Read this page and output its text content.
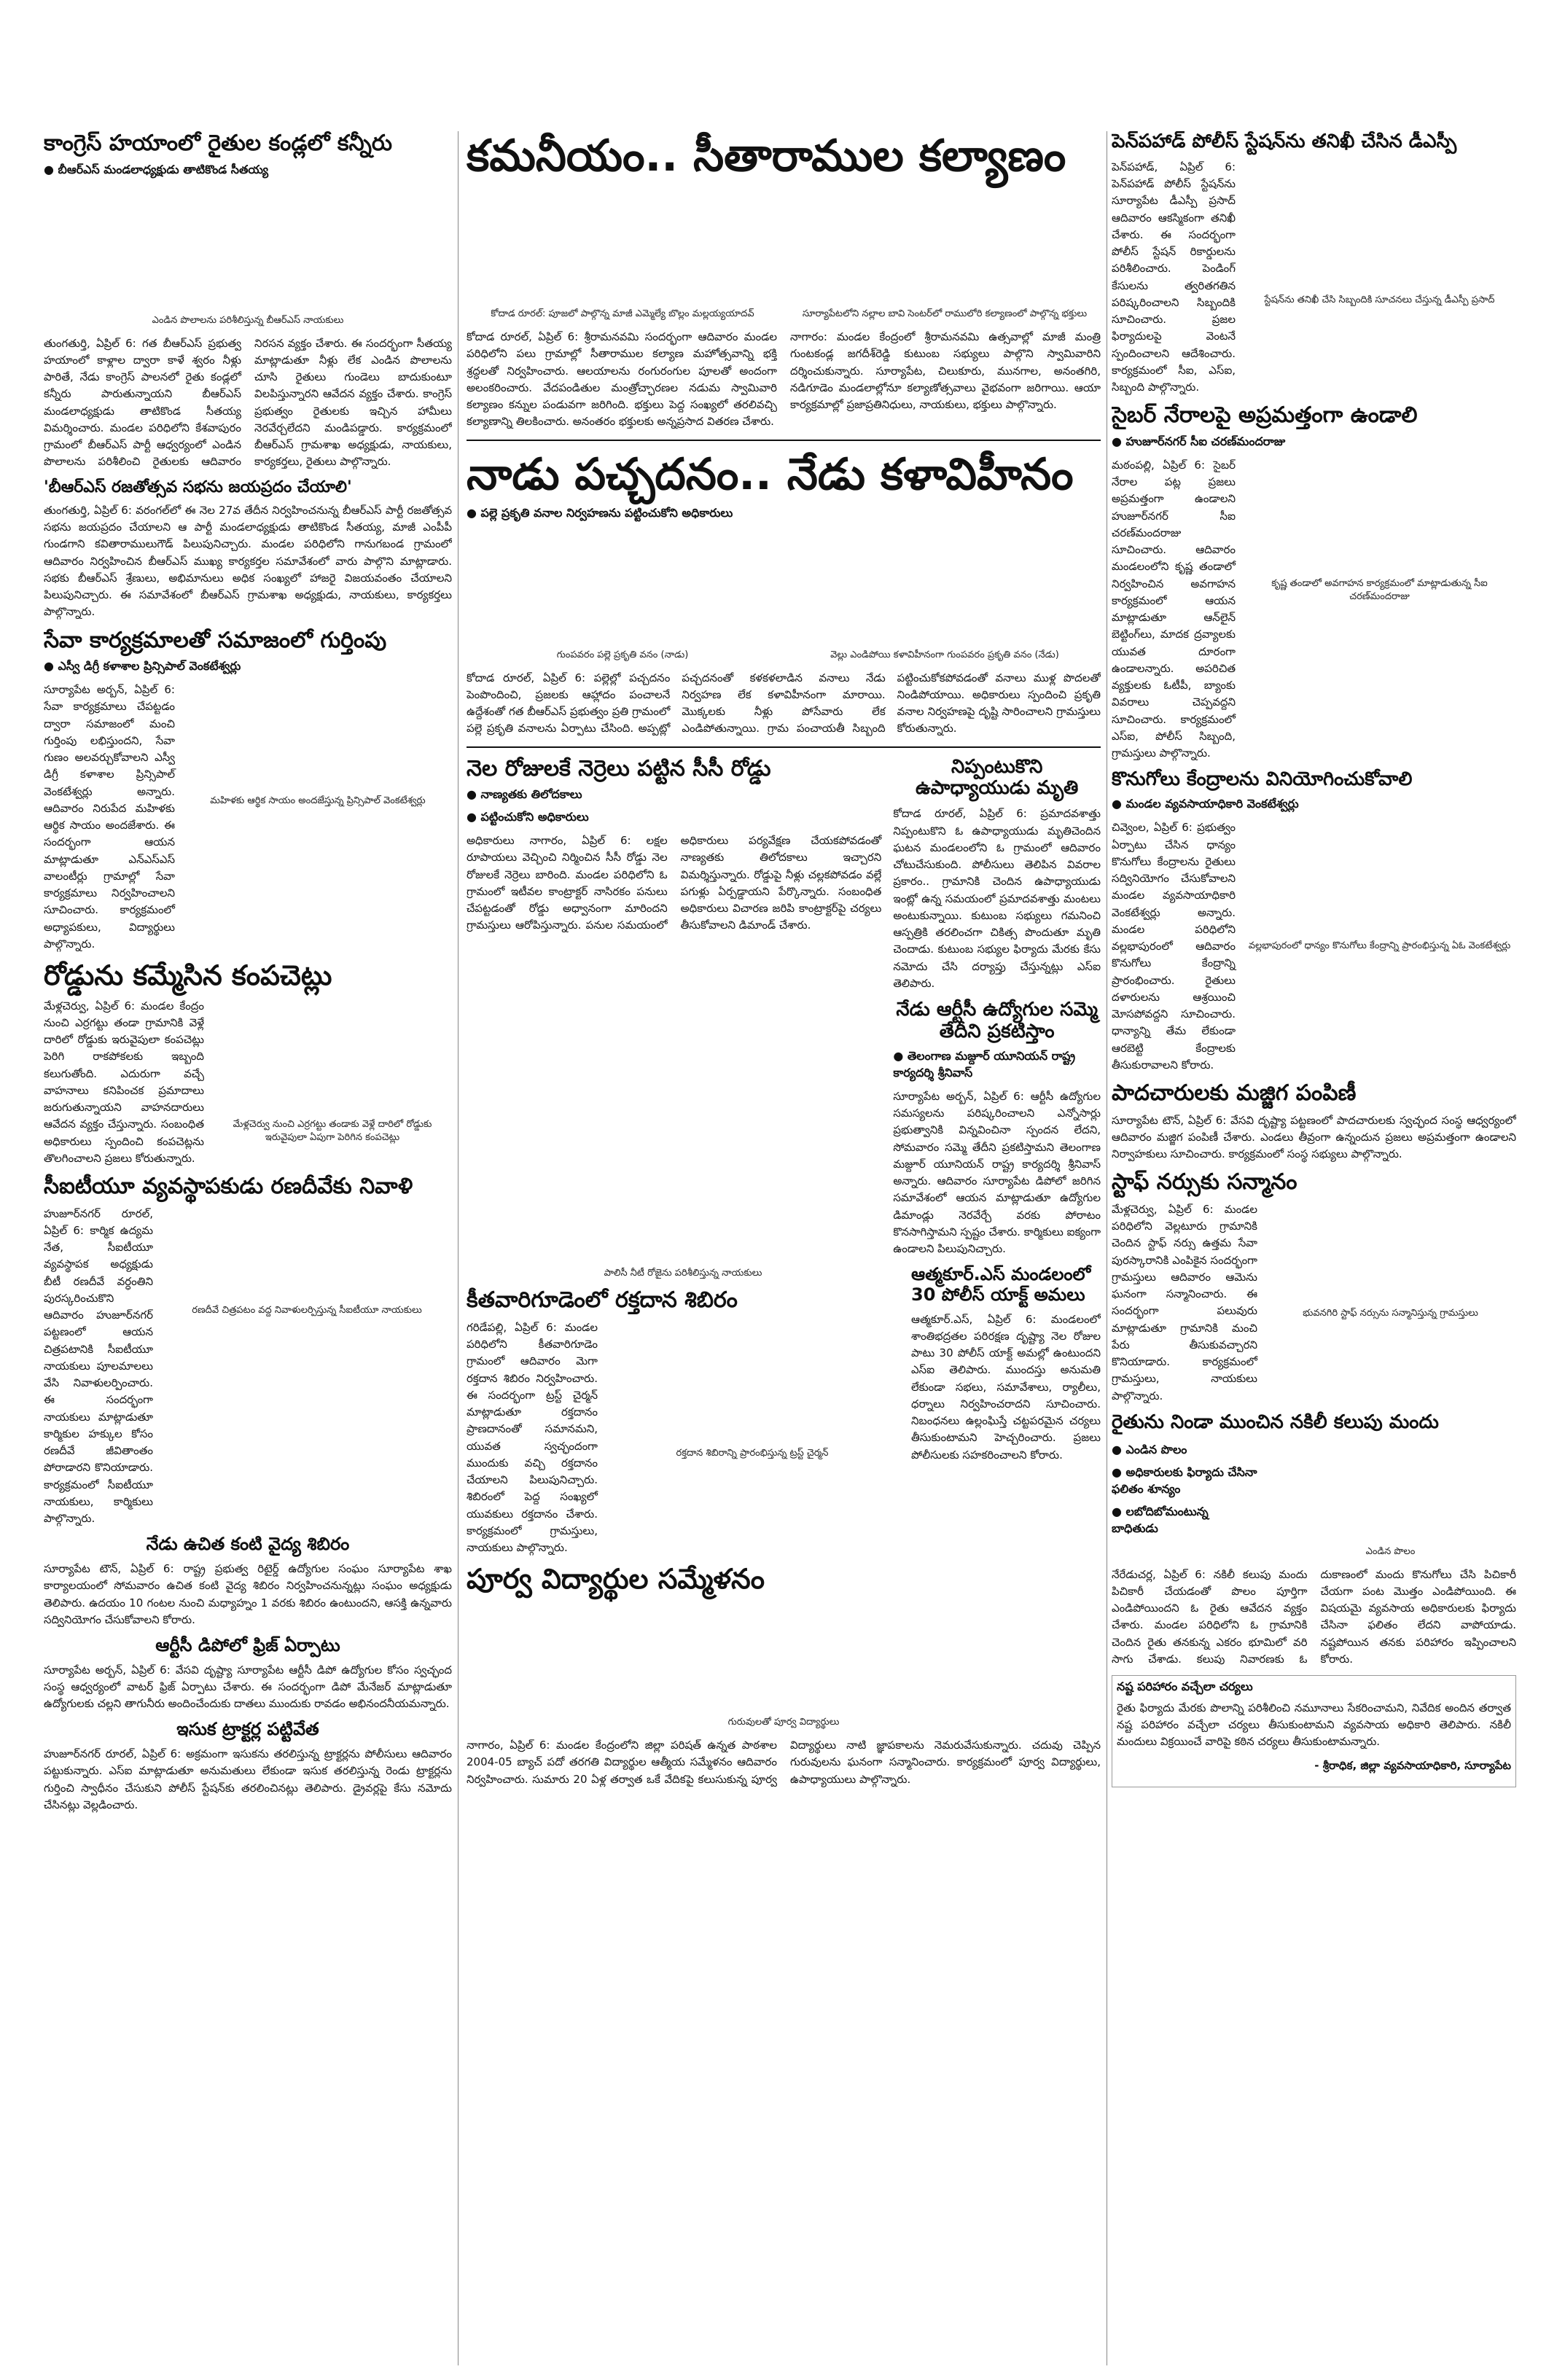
కాంగ్రెస్ హయాంలో రైతుల కండ్లలో కన్నీరు
● బీఆర్ఎస్ మండలాధ్యక్షుడు తాటికొండ సీతయ్య
ఎండిన పొలాలను పరిశీలిస్తున్న బీఆర్ఎస్ నాయకులు
తుంగతుర్తి, ఏప్రిల్ 6: గత బీఆర్ఎస్ ప్రభుత్వ హయాంలో కాళ్లాల ద్వారా కాళే శ్వరం నీళ్లు పారితే, నేడు కాంగ్రెస్ పాలనలో రైతు కండ్లలో కన్నీరు పారుతున్నాయని బీఆర్ఎస్ మండలాధ్యక్షుడు తాటికొండ సీతయ్య విమర్శించారు. మండల పరిధిలోని కేశవాపురం గ్రామంలో బీఆర్ఎస్ పార్టీ ఆధ్వర్యంలో ఎండిన పొలాలను పరిశీలించి రైతులకు ఆదివారం నిరసన వ్యక్తం చేశారు. ఈ సందర్భంగా సీతయ్య మాట్లాడుతూ నీళ్లు లేక ఎండిన పొలాలను చూసి రైతులు గుండెలు బాదుకుంటూ విలపిస్తున్నారని ఆవేదన వ్యక్తం చేశారు. కాంగ్రెస్ ప్రభుత్వం రైతులకు ఇచ్చిన హామీలు నెరవేర్చలేదని మండిపడ్డారు. కార్యక్రమంలో బీఆర్ఎస్ గ్రామశాఖ అధ్యక్షుడు, నాయకులు, కార్యకర్తలు, రైతులు పాల్గొన్నారు.
'బీఆర్ఎస్ రజతోత్సవ సభను జయప్రదం చేయాలి'
తుంగతుర్తి, ఏప్రిల్ 6: వరంగల్‌లో ఈ నెల 27వ తేదీన నిర్వహించనున్న బీఆర్ఎస్ పార్టీ రజతోత్సవ సభను జయప్రదం చేయాలని ఆ పార్టీ మండలాధ్యక్షుడు తాటికొండ సీతయ్య, మాజీ ఎంపీపీ గుండగాని కవితారాములుగౌడ్ పిలుపునిచ్చారు. మండల పరిధిలోని గానుగబండ గ్రామంలో ఆదివారం నిర్వహించిన బీఆర్ఎస్ ముఖ్య కార్యకర్తల సమావేశంలో వారు పాల్గొని మాట్లాడారు. సభకు బీఆర్ఎస్ శ్రేణులు, అభిమానులు అధిక సంఖ్యలో హాజరై విజయవంతం చేయాలని పిలుపునిచ్చారు. ఈ సమావేశంలో బీఆర్ఎస్ గ్రామశాఖ అధ్యక్షుడు, నాయకులు, కార్యకర్తలు పాల్గొన్నారు.
సేవా కార్యక్రమాలతో సమాజంలో గుర్తింపు
● ఎస్వీ డిగ్రీ కళాశాల ప్రిన్సిపాల్ వెంకటేశ్వర్లు
సూర్యాపేట అర్బన్, ఏప్రిల్ 6: సేవా కార్యక్రమాలు చేపట్టడం ద్వారా సమాజంలో మంచి గుర్తింపు లభిస్తుందని, సేవా గుణం అలవర్చుకోవాలని ఎస్వీ డిగ్రీ కళాశాల ప్రిన్సిపాల్ వెంకటేశ్వర్లు అన్నారు. ఆదివారం నిరుపేద మహిళకు ఆర్థిక సాయం అందజేశారు. ఈ సందర్భంగా ఆయన మాట్లాడుతూ ఎన్ఎస్ఎస్ వాలంటీర్లు గ్రామాల్లో సేవా కార్యక్రమాలు నిర్వహించాలని సూచించారు. కార్యక్రమంలో అధ్యాపకులు, విద్యార్థులు పాల్గొన్నారు.
మహిళకు ఆర్థిక సాయం అందజేస్తున్న ప్రిన్సిపాల్ వెంకటేశ్వర్లు
రోడ్డును కమ్మేసిన కంపచెట్లు
మేళ్లచెర్వు, ఏప్రిల్ 6: మండల కేంద్రం నుంచి ఎర్రగట్టు తండా గ్రామానికి వెళ్లే దారిలో రోడ్డుకు ఇరువైపులా కంపచెట్లు పెరిగి రాకపోకలకు ఇబ్బంది కలుగుతోంది. ఎదురుగా వచ్చే వాహనాలు కనిపించక ప్రమాదాలు జరుగుతున్నాయని వాహనదారులు ఆవేదన వ్యక్తం చేస్తున్నారు. సంబంధిత అధికారులు స్పందించి కంపచెట్లను తొలగించాలని ప్రజలు కోరుతున్నారు.
మేళ్లచెర్వు నుంచి ఎర్రగట్టు తండాకు వెళ్లే దారిలో రోడ్డుకు ఇరువైపులా ఏపుగా పెరిగిన కంపచెట్లు
సీఐటీయూ వ్యవస్థాపకుడు రణదీవేకు నివాళి
హుజూర్‌నగర్ రూరల్, ఏప్రిల్ 6: కార్మిక ఉద్యమ నేత, సీఐటీయూ వ్యవస్థాపక అధ్యక్షుడు బీటీ రణదీవే వర్ధంతిని పురస్కరించుకొని ఆదివారం హుజూర్‌నగర్ పట్టణంలో ఆయన చిత్రపటానికి సీఐటీయూ నాయకులు పూలమాలలు వేసి నివాళులర్పించారు. ఈ సందర్భంగా నాయకులు మాట్లాడుతూ కార్మికుల హక్కుల కోసం రణదీవే జీవితాంతం పోరాడారని కొనియాడారు. కార్యక్రమంలో సీఐటీయూ నాయకులు, కార్మికులు పాల్గొన్నారు.
రణదీవే చిత్రపటం వద్ద నివాళులర్పిస్తున్న సీఐటీయూ నాయకులు
నేడు ఉచిత కంటి వైద్య శిబిరం
సూర్యాపేట టౌన్, ఏప్రిల్ 6: రాష్ట్ర ప్రభుత్వ రిటైర్డ్ ఉద్యోగుల సంఘం సూర్యాపేట శాఖ కార్యాలయంలో సోమవారం ఉచిత కంటి వైద్య శిబిరం నిర్వహించనున్నట్లు సంఘం అధ్యక్షుడు తెలిపారు. ఉదయం 10 గంటల నుంచి మధ్యాహ్నం 1 వరకు శిబిరం ఉంటుందని, ఆసక్తి ఉన్నవారు సద్వినియోగం చేసుకోవాలని కోరారు.
ఆర్టీసీ డిపోలో ఫ్రిజ్ ఏర్పాటు
సూర్యాపేట అర్బన్, ఏప్రిల్ 6: వేసవి దృష్ట్యా సూర్యాపేట ఆర్టీసీ డిపో ఉద్యోగుల కోసం స్వచ్ఛంద సంస్థ ఆధ్వర్యంలో వాటర్ ఫ్రిజ్ ఏర్పాటు చేశారు. ఈ సందర్భంగా డిపో మేనేజర్ మాట్లాడుతూ ఉద్యోగులకు చల్లని తాగునీరు అందించేందుకు దాతలు ముందుకు రావడం అభినందనీయమన్నారు.
ఇసుక ట్రాక్టర్ల పట్టివేత
హుజూర్‌నగర్ రూరల్, ఏప్రిల్ 6: అక్రమంగా ఇసుకను తరలిస్తున్న ట్రాక్టర్లను పోలీసులు ఆదివారం పట్టుకున్నారు. ఎస్ఐ మాట్లాడుతూ అనుమతులు లేకుండా ఇసుక తరలిస్తున్న రెండు ట్రాక్టర్లను గుర్తించి స్వాధీనం చేసుకుని పోలీస్ స్టేషన్‌కు తరలించినట్లు తెలిపారు. డ్రైవర్లపై కేసు నమోదు చేసినట్లు వెల్లడించారు.
కమనీయం.. సీతారాముల కల్యాణం
కోదాడ రూరల్: పూజలో పాల్గొన్న మాజీ ఎమ్మెల్యే బొల్లం మల్లయ్యయాదవ్	సూర్యాపేటలోని నల్లాల బావి సెంటర్‌లో రాములోరి కల్యాణంలో పాల్గొన్న భక్తులు
కోదాడ రూరల్, ఏప్రిల్ 6: శ్రీరామనవమి సందర్భంగా ఆదివారం మండల పరిధిలోని పలు గ్రామాల్లో సీతారాముల కల్యాణ మహోత్సవాన్ని భక్తి శ్రద్ధలతో నిర్వహించారు. ఆలయాలను రంగురంగుల పూలతో అందంగా అలంకరించారు. వేదపండితుల మంత్రోచ్ఛారణల నడుమ స్వామివారి కల్యాణం కన్నుల పండువగా జరిగింది. భక్తులు పెద్ద సంఖ్యలో తరలివచ్చి కల్యాణాన్ని తిలకించారు. అనంతరం భక్తులకు అన్నప్రసాద వితరణ చేశారు.
నాగారం: మండల కేంద్రంలో శ్రీరామనవమి ఉత్సవాల్లో మాజీ మంత్రి గుంటకండ్ల జగదీశ్‌రెడ్డి కుటుంబ సభ్యులు పాల్గొని స్వామివారిని దర్శించుకున్నారు. సూర్యాపేట, చిలుకూరు, మునగాల, అనంతగిరి, నడిగూడెం మండలాల్లోనూ కల్యాణోత్సవాలు వైభవంగా జరిగాయి. ఆయా కార్యక్రమాల్లో ప్రజాప్రతినిధులు, నాయకులు, భక్తులు పాల్గొన్నారు.
నాడు పచ్చదనం.. నేడు కళావిహీనం
● పల్లె ప్రకృతి వనాల నిర్వహణను పట్టించుకోని అధికారులు
గుంపవరం పల్లె ప్రకృతి వనం (నాడు)	వెల్లు ఎండిపోయి కళావిహీనంగా గుంపవరం ప్రకృతి వనం (నేడు)
కోదాడ రూరల్, ఏప్రిల్ 6: పల్లెల్లో పచ్చదనం పెంపొందించి, ప్రజలకు ఆహ్లాదం పంచాలనే ఉద్దేశంతో గత బీఆర్ఎస్ ప్రభుత్వం ప్రతి గ్రామంలో పల్లె ప్రకృతి వనాలను ఏర్పాటు చేసింది. అప్పట్లో పచ్చదనంతో కళకళలాడిన వనాలు నేడు నిర్వహణ లేక కళావిహీనంగా మారాయి. మొక్కలకు నీళ్లు పోసేవారు లేక ఎండిపోతున్నాయి. గ్రామ పంచాయతీ సిబ్బంది పట్టించుకోకపోవడంతో వనాలు ముళ్ల పొదలతో నిండిపోయాయి. అధికారులు స్పందించి ప్రకృతి వనాల నిర్వహణపై దృష్టి సారించాలని గ్రామస్తులు కోరుతున్నారు.
నెల రోజులకే నెర్రెలు పట్టిన సీసీ రోడ్డు
● నాణ్యతకు తిలోదకాలు
● పట్టించుకోని అధికారులు
అధికారులు నాగారం, ఏప్రిల్ 6: లక్షల రూపాయలు వెచ్చించి నిర్మించిన సీసీ రోడ్డు నెల రోజులకే నెర్రెలు బారింది. మండల పరిధిలోని ఓ గ్రామంలో ఇటీవల కాంట్రాక్టర్ నాసిరకం పనులు చేపట్టడంతో రోడ్డు అధ్వానంగా మారిందని గ్రామస్తులు ఆరోపిస్తున్నారు. పనుల సమయంలో అధికారులు పర్యవేక్షణ చేయకపోవడంతో నాణ్యతకు తిలోదకాలు ఇచ్చారని విమర్శిస్తున్నారు. రోడ్డుపై నీళ్లు చల్లకపోవడం వల్లే పగుళ్లు ఏర్పడ్డాయని పేర్కొన్నారు. సంబంధిత అధికారులు విచారణ జరిపి కాంట్రాక్టర్‌పై చర్యలు తీసుకోవాలని డిమాండ్ చేశారు.
నిప్పంటుకొని ఉపాధ్యాయుడు మృతి
కోదాడ రూరల్, ఏప్రిల్ 6: ప్రమాదవశాత్తు నిప్పంటుకొని ఓ ఉపాధ్యాయుడు మృతిచెందిన ఘటన మండలంలోని ఓ గ్రామంలో ఆదివారం చోటుచేసుకుంది. పోలీసులు తెలిపిన వివరాల ప్రకారం.. గ్రామానికి చెందిన ఉపాధ్యాయుడు ఇంట్లో ఉన్న సమయంలో ప్రమాదవశాత్తు మంటలు అంటుకున్నాయి. కుటుంబ సభ్యులు గమనించి ఆస్పత్రికి తరలించగా చికిత్స పొందుతూ మృతి చెందాడు. కుటుంబ సభ్యుల ఫిర్యాదు మేరకు కేసు నమోదు చేసి దర్యాప్తు చేస్తున్నట్లు ఎస్ఐ తెలిపారు.
నేడు ఆర్టీసీ ఉద్యోగుల సమ్మె తేదీని ప్రకటిస్తాం
● తెలంగాణ మజ్దూర్ యూనియన్ రాష్ట్ర కార్యదర్శి శ్రీనివాస్
సూర్యాపేట అర్బన్, ఏప్రిల్ 6: ఆర్టీసీ ఉద్యోగుల సమస్యలను పరిష్కరించాలని ఎన్నోసార్లు ప్రభుత్వానికి విన్నవించినా స్పందన లేదని, సోమవారం సమ్మె తేదీని ప్రకటిస్తామని తెలంగాణ మజ్దూర్ యూనియన్ రాష్ట్ర కార్యదర్శి శ్రీనివాస్ అన్నారు. ఆదివారం సూర్యాపేట డిపోలో జరిగిన సమావేశంలో ఆయన మాట్లాడుతూ ఉద్యోగుల డిమాండ్లు నెరవేర్చే వరకు పోరాటం కొనసాగిస్తామని స్పష్టం చేశారు. కార్మికులు ఐక్యంగా ఉండాలని పిలుపునిచ్చారు.
పాలిసీ నీటీ రోజైను పరిశీలిస్తున్న నాయకులు
కీతవారిగూడెంలో రక్తదాన శిబిరం
గరిడేపల్లి, ఏప్రిల్ 6: మండల పరిధిలోని కీతవారిగూడెం గ్రామంలో ఆదివారం మెగా రక్తదాన శిబిరం నిర్వహించారు. ఈ సందర్భంగా ట్రస్ట్ చైర్మన్ మాట్లాడుతూ రక్తదానం ప్రాణదానంతో సమానమని, యువత స్వచ్ఛందంగా ముందుకు వచ్చి రక్తదానం చేయాలని పిలుపునిచ్చారు. శిబిరంలో పెద్ద సంఖ్యలో యువకులు రక్తదానం చేశారు. కార్యక్రమంలో గ్రామస్తులు, నాయకులు పాల్గొన్నారు.
రక్తదాన శిబిరాన్ని ప్రారంభిస్తున్న ట్రస్ట్ చైర్మన్
ఆత్మకూర్.ఎస్ మండలంలో 30 పోలీస్ యాక్ట్ అమలు
ఆత్మకూర్.ఎస్, ఏప్రిల్ 6: మండలంలో శాంతిభద్రతల పరిరక్షణ దృష్ట్యా నెల రోజుల పాటు 30 పోలీస్ యాక్ట్ అమల్లో ఉంటుందని ఎస్ఐ తెలిపారు. ముందస్తు అనుమతి లేకుండా సభలు, సమావేశాలు, ర్యాలీలు, ధర్నాలు నిర్వహించరాదని సూచించారు. నిబంధనలు ఉల్లంఘిస్తే చట్టపరమైన చర్యలు తీసుకుంటామని హెచ్చరించారు. ప్రజలు పోలీసులకు సహకరించాలని కోరారు.
పూర్వ విద్యార్థుల సమ్మేళనం
గురువులతో పూర్వ విద్యార్థులు
నాగారం, ఏప్రిల్ 6: మండల కేంద్రంలోని జిల్లా పరిషత్ ఉన్నత పాఠశాల 2004-05 బ్యాచ్ పదో తరగతి విద్యార్థుల ఆత్మీయ సమ్మేళనం ఆదివారం నిర్వహించారు. సుమారు 20 ఏళ్ల తర్వాత ఒకే వేదికపై కలుసుకున్న పూర్వ విద్యార్థులు నాటి జ్ఞాపకాలను నెమరువేసుకున్నారు. చదువు చెప్పిన గురువులను ఘనంగా సన్మానించారు. కార్యక్రమంలో పూర్వ విద్యార్థులు, ఉపాధ్యాయులు పాల్గొన్నారు.
పెన్‌పహాడ్ పోలీస్ స్టేషన్‌ను తనిఖీ చేసిన డీఎస్పీ
పెన్‌పహాడ్, ఏప్రిల్ 6: పెన్‌పహాడ్ పోలీస్ స్టేషన్‌ను సూర్యాపేట డీఎస్పీ ప్రసాద్ ఆదివారం ఆకస్మికంగా తనిఖీ చేశారు. ఈ సందర్భంగా పోలీస్ స్టేషన్ రికార్డులను పరిశీలించారు. పెండింగ్ కేసులను త్వరితగతిన పరిష్కరించాలని సిబ్బందికి సూచించారు. ప్రజల ఫిర్యాదులపై వెంటనే స్పందించాలని ఆదేశించారు. కార్యక్రమంలో సీఐ, ఎస్ఐ, సిబ్బంది పాల్గొన్నారు.
స్టేషన్‌ను తనిఖీ చేసి సిబ్బందికి సూచనలు చేస్తున్న డీఎస్పీ ప్రసాద్
సైబర్ నేరాలపై అప్రమత్తంగా ఉండాలి
● హుజూర్‌నగర్ సీఐ చరణ్‌మందరాజు
మఠంపల్లి, ఏప్రిల్ 6: సైబర్ నేరాల పట్ల ప్రజలు అప్రమత్తంగా ఉండాలని హుజూర్‌నగర్ సీఐ చరణ్‌మందరాజు సూచించారు. ఆదివారం మండలంలోని కృష్ణ తండాలో నిర్వహించిన అవగాహన కార్యక్రమంలో ఆయన మాట్లాడుతూ ఆన్‌లైన్ బెట్టింగ్‌లు, మాదక ద్రవ్యాలకు యువత దూరంగా ఉండాలన్నారు. అపరిచిత వ్యక్తులకు ఓటీపీ, బ్యాంకు వివరాలు చెప్పవద్దని సూచించారు. కార్యక్రమంలో ఎస్ఐ, పోలీస్ సిబ్బంది, గ్రామస్తులు పాల్గొన్నారు.
కృష్ణ తండాలో అవగాహన కార్యక్రమంలో మాట్లాడుతున్న సీఐ చరణ్‌మందరాజు
కొనుగోలు కేంద్రాలను వినియోగించుకోవాలి
● మండల వ్యవసాయాధికారి వెంకటేశ్వర్లు
చివ్వెంల, ఏప్రిల్ 6: ప్రభుత్వం ఏర్పాటు చేసిన ధాన్యం కొనుగోలు కేంద్రాలను రైతులు సద్వినియోగం చేసుకోవాలని మండల వ్యవసాయాధికారి వెంకటేశ్వర్లు అన్నారు. మండల పరిధిలోని వల్లభాపురంలో ఆదివారం కొనుగోలు కేంద్రాన్ని ప్రారంభించారు. రైతులు దళారులను ఆశ్రయించి మోసపోవద్దని సూచించారు. ధాన్యాన్ని తేమ లేకుండా ఆరబెట్టి కేంద్రాలకు తీసుకురావాలని కోరారు.
వల్లభాపురంలో ధాన్యం కొనుగోలు కేంద్రాన్ని ప్రారంభిస్తున్న ఏఓ వెంకటేశ్వర్లు
పాదచారులకు మజ్జిగ పంపిణీ
సూర్యాపేట టౌన్, ఏప్రిల్ 6: వేసవి దృష్ట్యా పట్టణంలో పాదచారులకు స్వచ్ఛంద సంస్థ ఆధ్వర్యంలో ఆదివారం మజ్జిగ పంపిణీ చేశారు. ఎండలు తీవ్రంగా ఉన్నందున ప్రజలు అప్రమత్తంగా ఉండాలని నిర్వాహకులు సూచించారు. కార్యక్రమంలో సంస్థ సభ్యులు పాల్గొన్నారు.
స్టాఫ్ నర్సుకు సన్మానం
మేళ్లచెర్వు, ఏప్రిల్ 6: మండల పరిధిలోని వెల్లటూరు గ్రామానికి చెందిన స్టాఫ్ నర్సు ఉత్తమ సేవా పురస్కారానికి ఎంపికైన సందర్భంగా గ్రామస్తులు ఆదివారం ఆమెను ఘనంగా సన్మానించారు. ఈ సందర్భంగా పలువురు మాట్లాడుతూ గ్రామానికి మంచి పేరు తీసుకువచ్చారని కొనియాడారు. కార్యక్రమంలో గ్రామస్తులు, నాయకులు పాల్గొన్నారు.
భువనగిరి స్టాఫ్ నర్సును సన్మానిస్తున్న గ్రామస్తులు
రైతును నిండా ముంచిన నకిలీ కలుపు మందు
● ఎండిన పొలం
● అధికారులకు ఫిర్యాదు చేసినా ఫలితం శూన్యం
● లబోదిబోమంటున్న బాధితుడు
ఎండిన పొలం
నేరేడుచర్ల, ఏప్రిల్ 6: నకిలీ కలుపు మందు పిచికారీ చేయడంతో పొలం పూర్తిగా ఎండిపోయిందని ఓ రైతు ఆవేదన వ్యక్తం చేశారు. మండల పరిధిలోని ఓ గ్రామానికి చెందిన రైతు తనకున్న ఎకరం భూమిలో వరి సాగు చేశాడు. కలుపు నివారణకు ఓ దుకాణంలో మందు కొనుగోలు చేసి పిచికారీ చేయగా పంట మొత్తం ఎండిపోయింది. ఈ విషయమై వ్యవసాయ అధికారులకు ఫిర్యాదు చేసినా ఫలితం లేదని వాపోయాడు. నష్టపోయిన తనకు పరిహారం ఇప్పించాలని కోరారు.
నష్ట పరిహారం వచ్చేలా చర్యలు
రైతు ఫిర్యాదు మేరకు పొలాన్ని పరిశీలించి నమూనాలు సేకరించామని, నివేదిక అందిన తర్వాత నష్ట పరిహారం వచ్చేలా చర్యలు తీసుకుంటామని వ్యవసాయ అధికారి తెలిపారు. నకిలీ మందులు విక్రయించే వారిపై కఠిన చర్యలు తీసుకుంటామన్నారు.
- శ్రీరాధిక, జిల్లా వ్యవసాయాధికారి, సూర్యాపేట
